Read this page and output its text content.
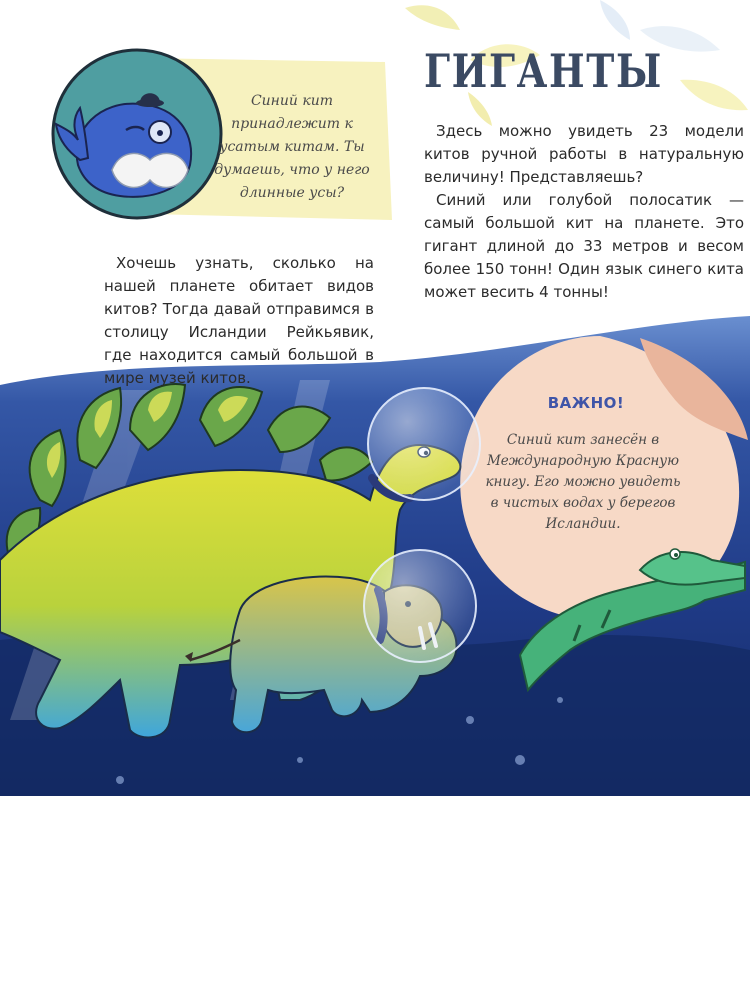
ГИГАНТЫ

Здесь можно увидеть 23 модели китов ручной работы в натуральную величину! Представляешь?

Синий или голубой полосатик — самый большой кит на планете. Это гигант длиной до 33 метров и весом более 150 тонн! Один язык синего кита может весить 4 тонны!

Хочешь узнать, сколько на нашей планете обитает видов китов? Тогда давай отправимся в столицу Исландии Рейкьявик, где находится самый большой в мире музей китов.

Синий кит принадлежит к усатым китам. Ты думаешь, что у него длинные усы?
ВАЖНО!
Синий кит занесён в Международную Красную книгу. Его можно увидеть в чистых водах у берегов Исландии.
